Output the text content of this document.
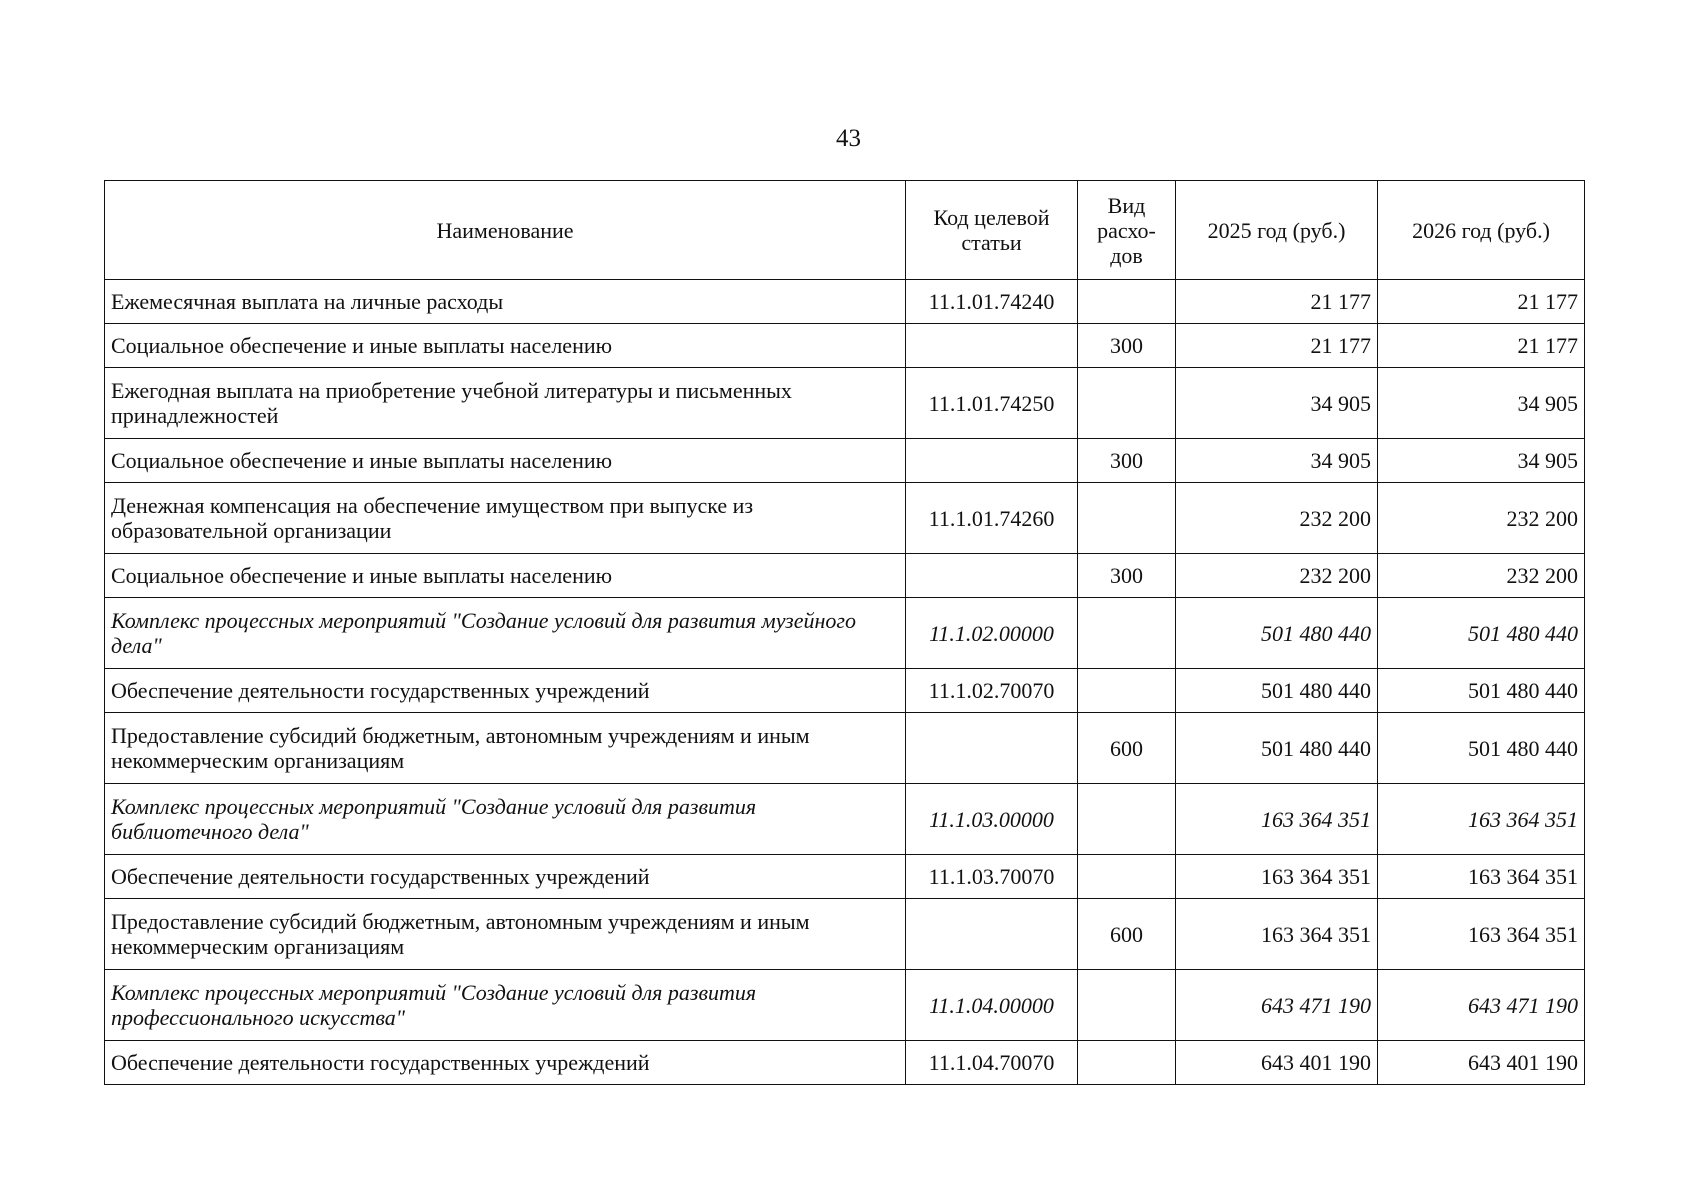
43
Наименование	Код целевой статьи	Вид расхо-дов	2025 год (руб.)	2026 год (руб.)
Ежемесячная выплата на личные расходы	11.1.01.74240		21 177	21 177
Социальное обеспечение и иные выплаты населению		300	21 177	21 177
Ежегодная выплата на приобретение учебной литературы и письменных принадлежностей	11.1.01.74250		34 905	34 905
Социальное обеспечение и иные выплаты населению		300	34 905	34 905
Денежная компенсация на обеспечение имуществом при выпуске из образовательной организации	11.1.01.74260		232 200	232 200
Социальное обеспечение и иные выплаты населению		300	232 200	232 200
Комплекс процессных мероприятий "Создание условий для развития музейного дела"	11.1.02.00000		501 480 440	501 480 440
Обеспечение деятельности государственных учреждений	11.1.02.70070		501 480 440	501 480 440
Предоставление субсидий бюджетным, автономным учреждениям и иным некоммерческим организациям		600	501 480 440	501 480 440
Комплекс процессных мероприятий "Создание условий для развития библиотечного дела"	11.1.03.00000		163 364 351	163 364 351
Обеспечение деятельности государственных учреждений	11.1.03.70070		163 364 351	163 364 351
Предоставление субсидий бюджетным, автономным учреждениям и иным некоммерческим организациям		600	163 364 351	163 364 351
Комплекс процессных мероприятий "Создание условий для развития профессионального искусства"	11.1.04.00000		643 471 190	643 471 190
Обеспечение деятельности государственных учреждений	11.1.04.70070		643 401 190	643 401 190
